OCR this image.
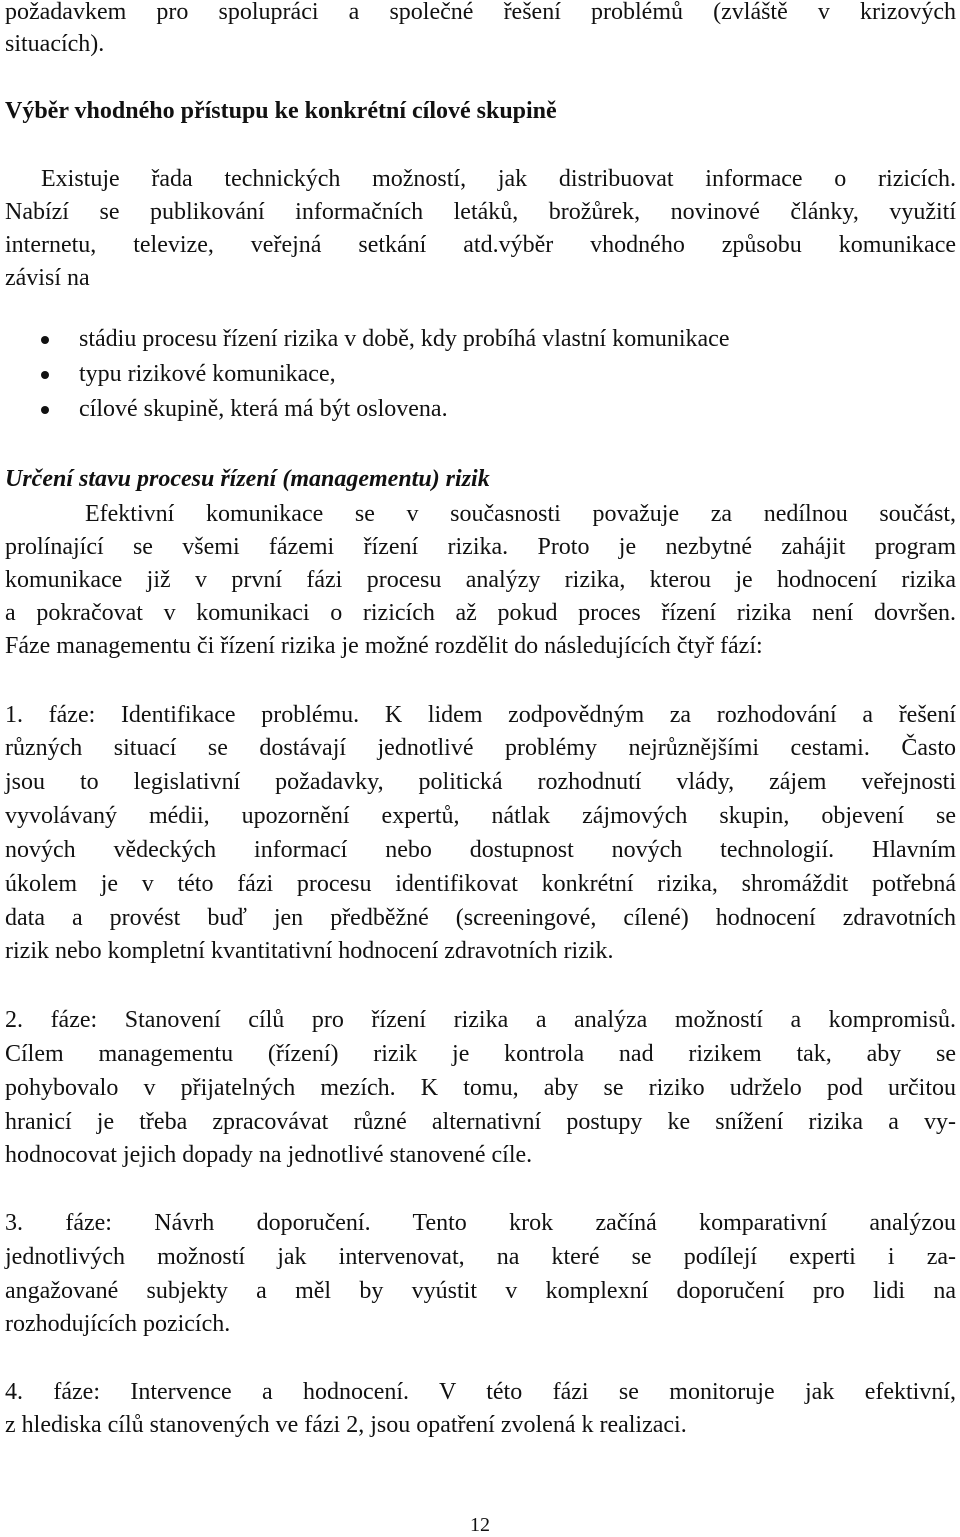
požadavkem pro spolupráci a společné řešení problémů (zvláště v krizových
situacích).
Výběr vhodného přístupu ke konkrétní cílové skupině
Existuje řada technických možností, jak distribuovat informace o rizicích.
Nabízí se publikování informačních letáků, brožůrek, novinové články, využití
internetu, televize, veřejná setkání atd.výběr vhodného způsobu komunikace
závisí na
stádiu procesu řízení rizika v době, kdy probíhá vlastní komunikace
typu rizikové komunikace,
cílové skupině, která má být oslovena.
Určení stavu procesu řízení (managementu) rizik
Efektivní komunikace se v současnosti považuje za nedílnou součást,
prolínající se všemi fázemi řízení rizika. Proto je nezbytné zahájit program
komunikace již v první fázi procesu analýzy rizika, kterou je hodnocení rizika
a pokračovat v komunikaci o rizicích až pokud proces řízení rizika není dovršen.
Fáze managementu či řízení rizika je možné rozdělit do následujících čtyř fází:
1. fáze: Identifikace problému. K lidem zodpovědným za rozhodování a řešení
různých situací se dostávají jednotlivé problémy nejrůznějšími cestami. Často
jsou to legislativní požadavky, politická rozhodnutí vlády, zájem veřejnosti
vyvolávaný médii, upozornění expertů, nátlak zájmových skupin, objevení se
nových vědeckých informací nebo dostupnost nových technologií. Hlavním
úkolem je v této fázi procesu identifikovat konkrétní rizika, shromáždit potřebná
data a provést buď jen předběžné (screeningové, cílené) hodnocení zdravotních
rizik nebo kompletní kvantitativní hodnocení zdravotních rizik.
2. fáze: Stanovení cílů pro řízení rizika a analýza možností a kompromisů.
Cílem managementu (řízení) rizik je kontrola nad rizikem tak, aby se
pohybovalo v přijatelných mezích. K tomu, aby se riziko udrželo pod určitou
hranicí je třeba zpracovávat různé alternativní postupy ke snížení rizika a vy-
hodnocovat jejich dopady na jednotlivé stanovené cíle.
3. fáze: Návrh doporučení. Tento krok začíná komparativní analýzou
jednotlivých možností jak intervenovat, na které se podílejí experti i za-
angažované subjekty a měl by vyústit v komplexní doporučení pro lidi na
rozhodujících pozicích.
4. fáze: Intervence a hodnocení. V této fázi se monitoruje jak efektivní,
z hlediska cílů stanovených ve fázi 2, jsou opatření zvolená k realizaci.
12
